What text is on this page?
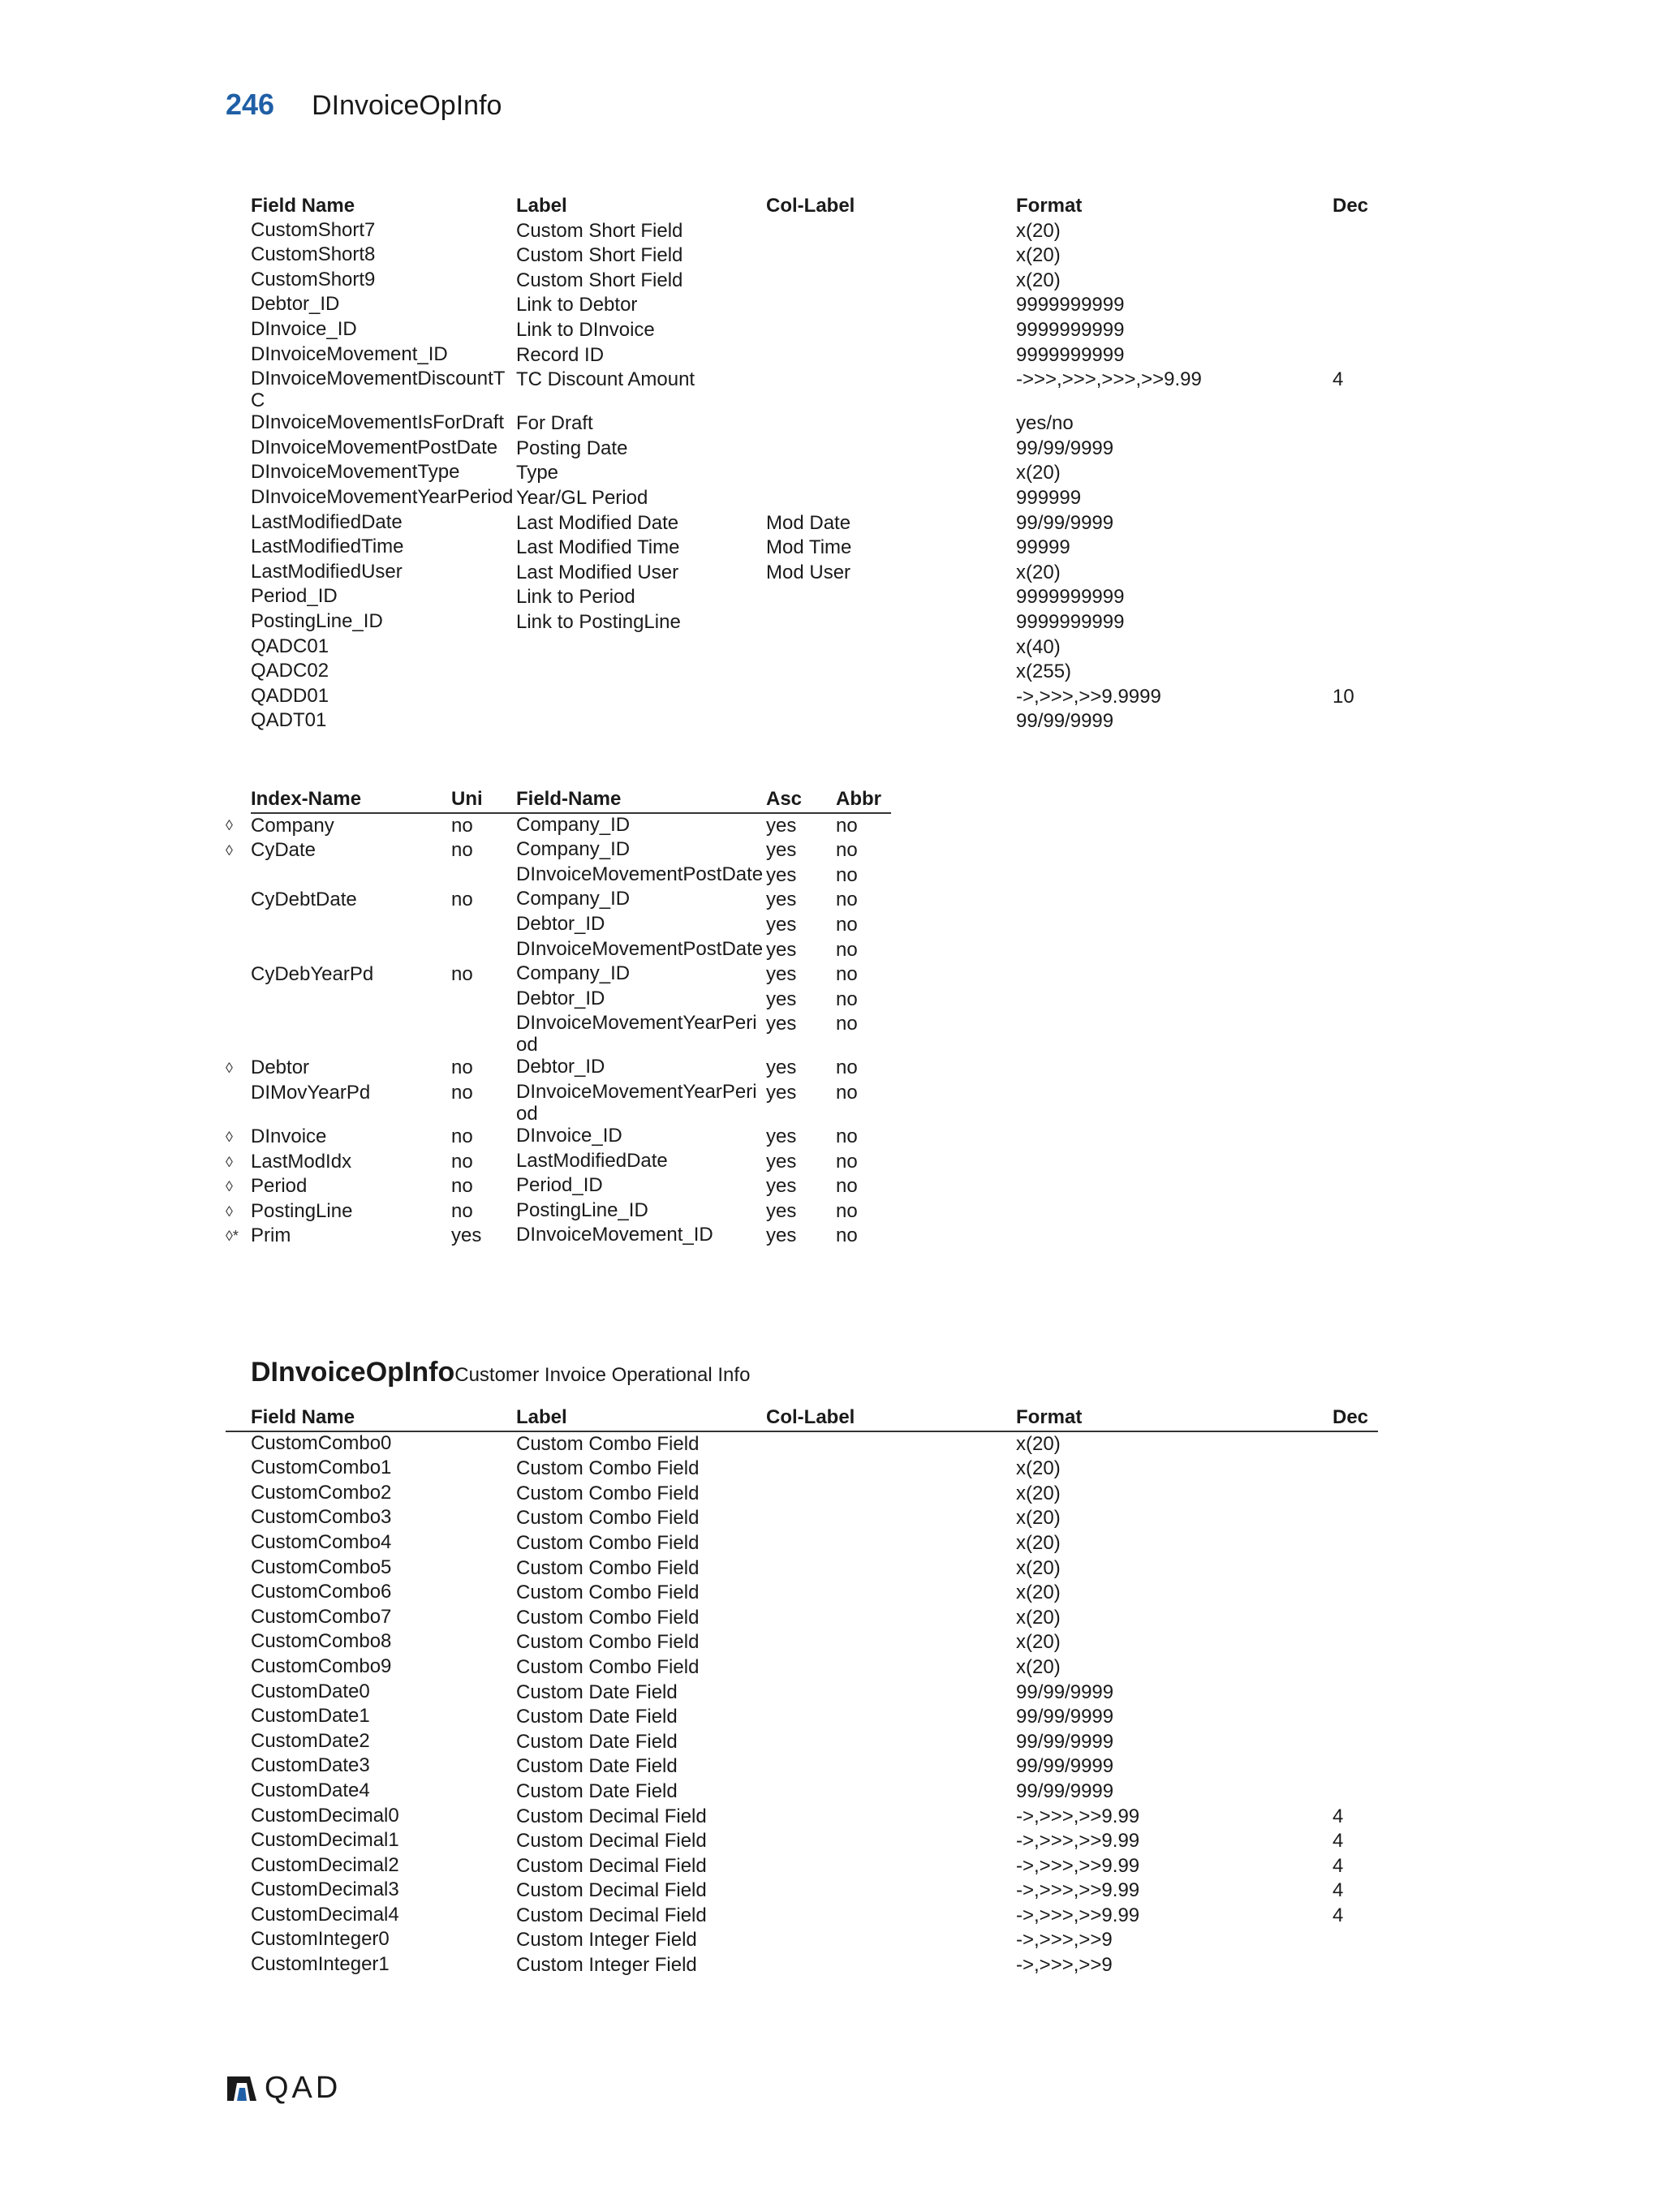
246 DInvoiceOpInfo
	Field Name	Label	Col-Label	Format	Dec
	CustomShort7	Custom Short Field		x(20)	
	CustomShort8	Custom Short Field		x(20)	
	CustomShort9	Custom Short Field		x(20)	
	Debtor_ID	Link to Debtor		9999999999	
	DInvoice_ID	Link to DInvoice		9999999999	
	DInvoiceMovement_ID	Record ID		9999999999	
	DInvoiceMovementDiscountTC	TC Discount Amount		->>>,>>>,>>>,>>9.99	4
	DInvoiceMovementIsForDraft	For Draft		yes/no	
	DInvoiceMovementPostDate	Posting Date		99/99/9999	
	DInvoiceMovementType	Type		x(20)	
	DInvoiceMovementYearPeriod	Year/GL Period		999999	
	LastModifiedDate	Last Modified Date	Mod Date	99/99/9999	
	LastModifiedTime	Last Modified Time	Mod Time	99999	
	LastModifiedUser	Last Modified User	Mod User	x(20)	
	Period_ID	Link to Period		9999999999	
	PostingLine_ID	Link to PostingLine		9999999999	
	QADC01			x(40)	
	QADC02			x(255)	
	QADD01			->,>>>,>>9.9999	10
	QADT01			99/99/9999	
	Index-Name	Uni	Field-Name	Asc	Abbr
◊	Company	no	Company_ID	yes	no
◊	CyDate	no	Company_ID	yes	no
			DInvoiceMovementPostDate	yes	no
	CyDebtDate	no	Company_ID	yes	no
			Debtor_ID	yes	no
			DInvoiceMovementPostDate	yes	no
	CyDebYearPd	no	Company_ID	yes	no
			Debtor_ID	yes	no
			DInvoiceMovementYearPeriod	yes	no
◊	Debtor	no	Debtor_ID	yes	no
	DIMovYearPd	no	DInvoiceMovementYearPeriod	yes	no
◊	DInvoice	no	DInvoice_ID	yes	no
◊	LastModIdx	no	LastModifiedDate	yes	no
◊	Period	no	Period_ID	yes	no
◊	PostingLine	no	PostingLine_ID	yes	no
◊*	Prim	yes	DInvoiceMovement_ID	yes	no
DInvoiceOpInfo Customer Invoice Operational Info
	Field Name	Label	Col-Label	Format	Dec
	CustomCombo0	Custom Combo Field		x(20)	
	CustomCombo1	Custom Combo Field		x(20)	
	CustomCombo2	Custom Combo Field		x(20)	
	CustomCombo3	Custom Combo Field		x(20)	
	CustomCombo4	Custom Combo Field		x(20)	
	CustomCombo5	Custom Combo Field		x(20)	
	CustomCombo6	Custom Combo Field		x(20)	
	CustomCombo7	Custom Combo Field		x(20)	
	CustomCombo8	Custom Combo Field		x(20)	
	CustomCombo9	Custom Combo Field		x(20)	
	CustomDate0	Custom Date Field		99/99/9999	
	CustomDate1	Custom Date Field		99/99/9999	
	CustomDate2	Custom Date Field		99/99/9999	
	CustomDate3	Custom Date Field		99/99/9999	
	CustomDate4	Custom Date Field		99/99/9999	
	CustomDecimal0	Custom Decimal Field		->,>>>,>>9.99	4
	CustomDecimal1	Custom Decimal Field		->,>>>,>>9.99	4
	CustomDecimal2	Custom Decimal Field		->,>>>,>>9.99	4
	CustomDecimal3	Custom Decimal Field		->,>>>,>>9.99	4
	CustomDecimal4	Custom Decimal Field		->,>>>,>>9.99	4
	CustomInteger0	Custom Integer Field		->,>>>,>>9	
	CustomInteger1	Custom Integer Field		->,>>>,>>9	
QAD
